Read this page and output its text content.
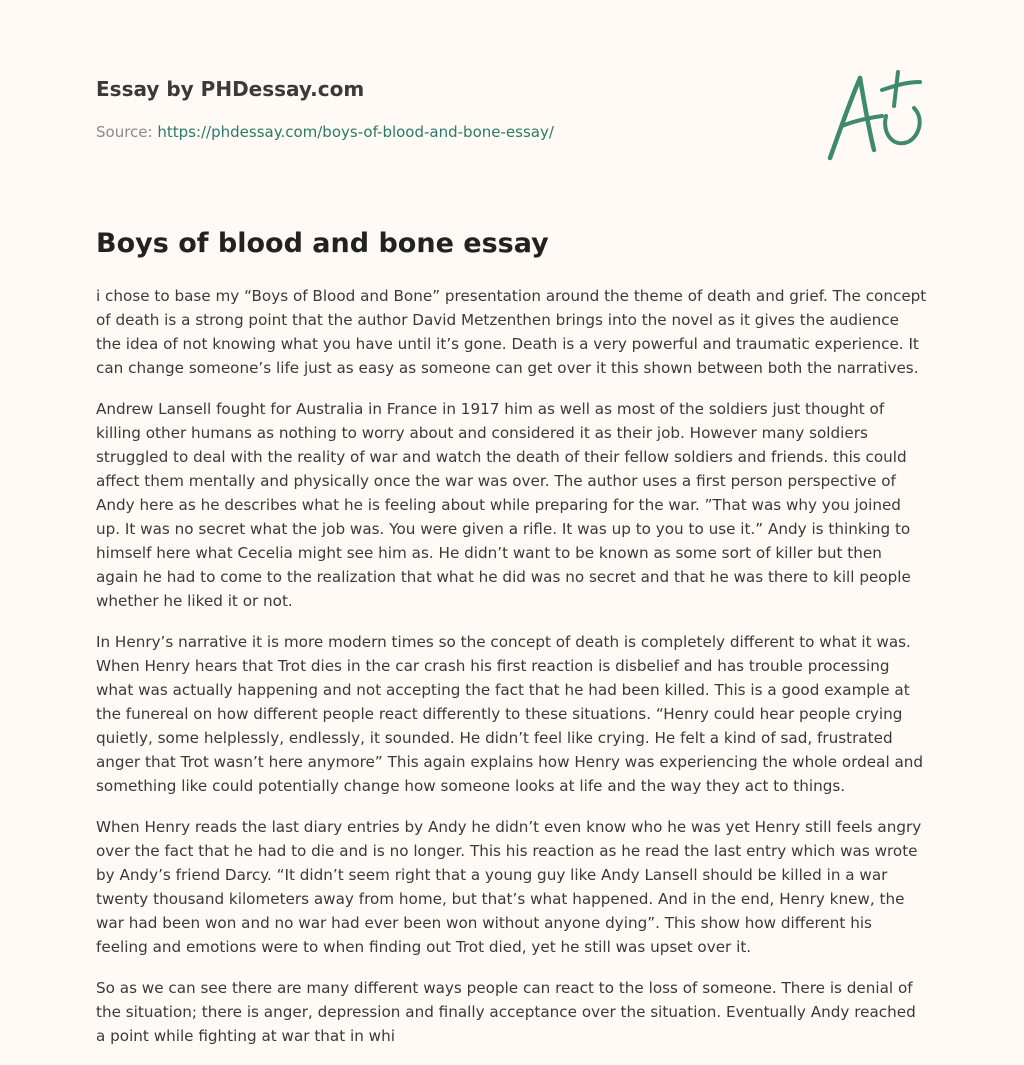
Essay by PHDessay.com
Source: https://phdessay.com/boys-of-blood-and-bone-essay/
Boys of blood and bone essay

i chose to base my “Boys of Blood and Bone” presentation around the theme of death and grief. The concept of death is a strong point that the author David Metzenthen brings into the novel as it gives the audience the idea of not knowing what you have until it’s gone. Death is a very powerful and traumatic experience. It can change someone’s life just as easy as someone can get over it this shown between both the narratives.

Andrew Lansell fought for Australia in France in 1917 him as well as most of the soldiers just thought of killing other humans as nothing to worry about and considered it as their job. However many soldiers struggled to deal with the reality of war and watch the death of their fellow soldiers and friends. this could affect them mentally and physically once the war was over. The author uses a first person perspective of Andy here as he describes what he is feeling about while preparing for the war. ”That was why you joined up. It was no secret what the job was. You were given a rifle. It was up to you to use it.” Andy is thinking to himself here what Cecelia might see him as. He didn’t want to be known as some sort of killer but then again he had to come to the realization that what he did was no secret and that he was there to kill people whether he liked it or not.

In Henry’s narrative it is more modern times so the concept of death is completely different to what it was. When Henry hears that Trot dies in the car crash his first reaction is disbelief and has trouble processing what was actually happening and not accepting the fact that he had been killed. This is a good example at the funereal on how different people react differently to these situations. “Henry could hear people crying quietly, some helplessly, endlessly, it sounded. He didn’t feel like crying. He felt a kind of sad, frustrated anger that Trot wasn’t here anymore” This again explains how Henry was experiencing the whole ordeal and something like could potentially change how someone looks at life and the way they act to things.

When Henry reads the last diary entries by Andy he didn’t even know who he was yet Henry still feels angry over the fact that he had to die and is no longer. This his reaction as he read the last entry which was wrote by Andy’s friend Darcy. “It didn’t seem right that a young guy like Andy Lansell should be killed in a war twenty thousand kilometers away from home, but that’s what happened. And in the end, Henry knew, the war had been won and no war had ever been won without anyone dying”. This show how different his feeling and emotions were to when finding out Trot died, yet he still was upset over it.

So as we can see there are many different ways people can react to the loss of someone. There is denial of the situation; there is anger, depression and finally acceptance over the situation. Eventually Andy reached a point while fighting at war that in whi
